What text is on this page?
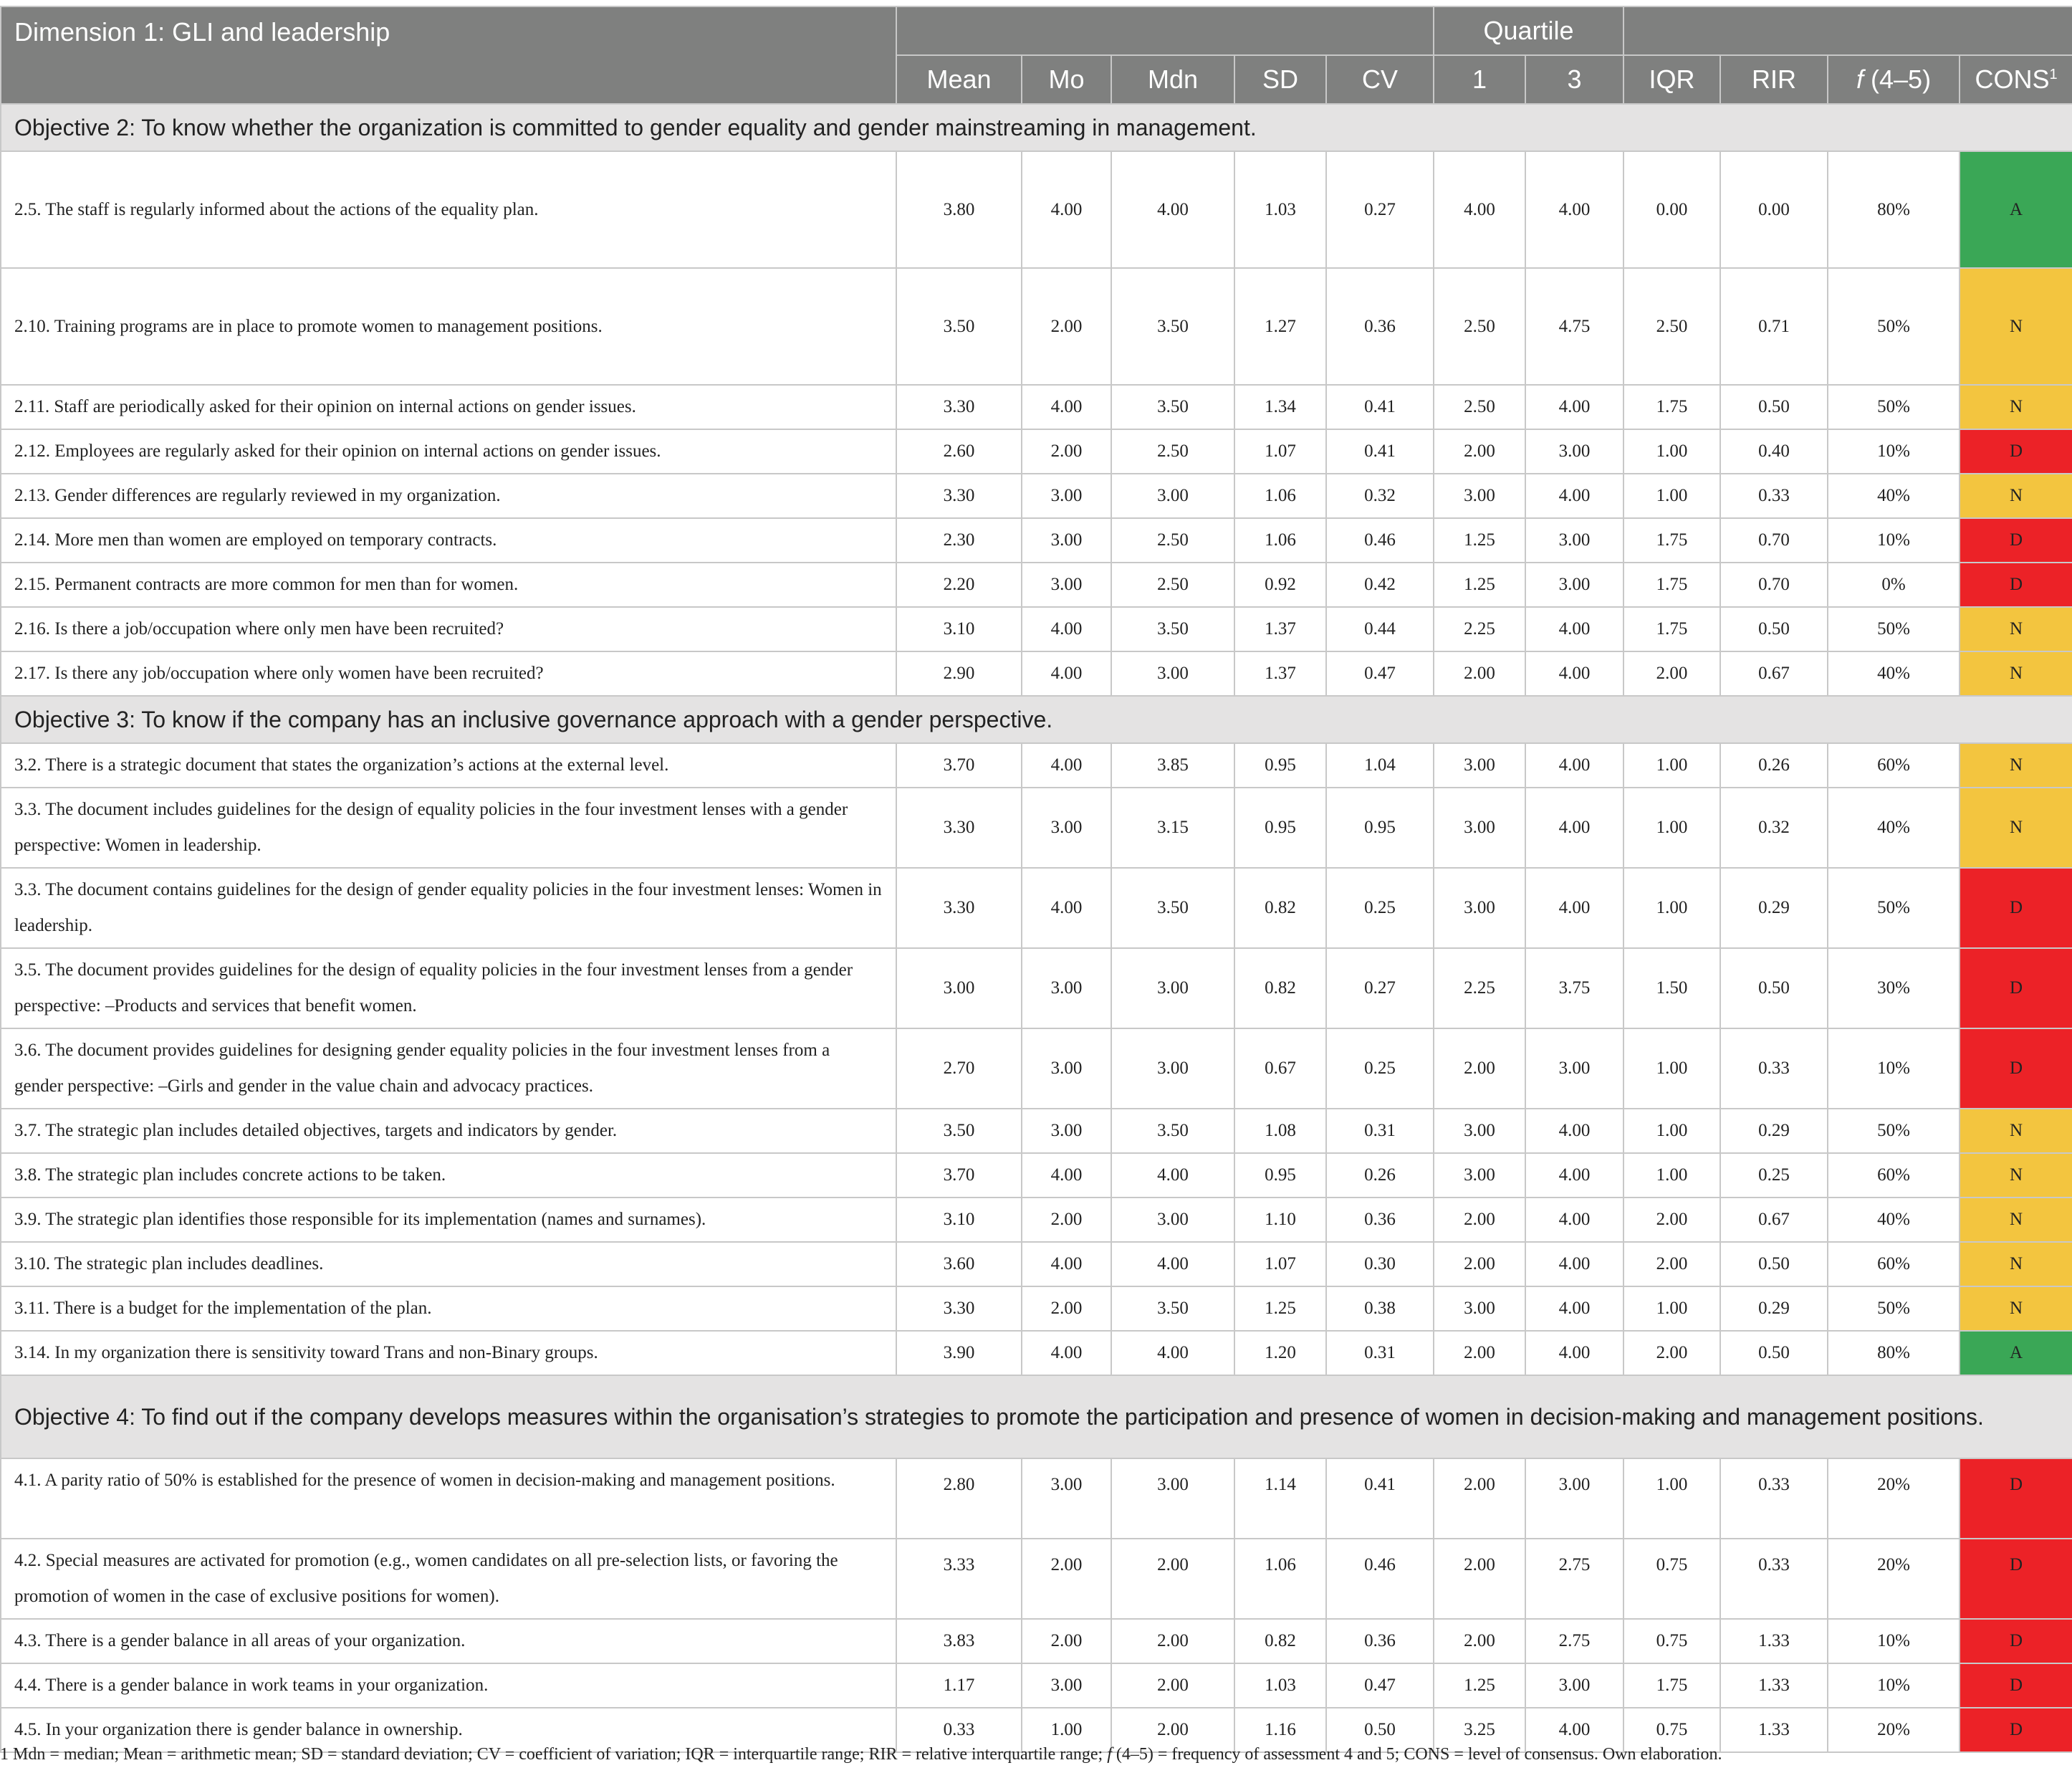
Dimension 1: GLI and leadership						Quartile					
	Mean	Mo	Mdn	SD	CV	1	3	IQR	RIR	f (4–5)	CONS$^1$
Objective 2: To know whether the organization is committed to gender equality and gender mainstreaming in management.											
2.5. The staff is regularly informed about the actions of the equality plan.	3.80	4.00	4.00	1.03	0.27	4.00	4.00	0.00	0.00	80%	A
2.10. Training programs are in place to promote women to management positions.	3.50	2.00	3.50	1.27	0.36	2.50	4.75	2.50	0.71	50%	N
2.11. Staff are periodically asked for their opinion on internal actions on gender issues.	3.30	4.00	3.50	1.34	0.41	2.50	4.00	1.75	0.50	50%	N
2.12. Employees are regularly asked for their opinion on internal actions on gender issues.	2.60	2.00	2.50	1.07	0.41	2.00	3.00	1.00	0.40	10%	D
2.13. Gender differences are regularly reviewed in my organization.	3.30	3.00	3.00	1.06	0.32	3.00	4.00	1.00	0.33	40%	N
2.14. More men than women are employed on temporary contracts.	2.30	3.00	2.50	1.06	0.46	1.25	3.00	1.75	0.70	10%	D
2.15. Permanent contracts are more common for men than for women.	2.20	3.00	2.50	0.92	0.42	1.25	3.00	1.75	0.70	0%	D
2.16. Is there a job/occupation where only men have been recruited?	3.10	4.00	3.50	1.37	0.44	2.25	4.00	1.75	0.50	50%	N
2.17. Is there any job/occupation where only women have been recruited?	2.90	4.00	3.00	1.37	0.47	2.00	4.00	2.00	0.67	40%	N
Objective 3: To know if the company has an inclusive governance approach with a gender perspective.											
3.2. There is a strategic document that states the organization’s actions at the external level.	3.70	4.00	3.85	0.95	1.04	3.00	4.00	1.00	0.26	60%	N
3.3. The document includes guidelines for the design of equality policies in the four investment lenses with a gender perspective: Women in leadership.	3.30	3.00	3.15	0.95	0.95	3.00	4.00	1.00	0.32	40%	N
3.3. The document contains guidelines for the design of gender equality policies in the four investment lenses: Women in leadership.	3.30	4.00	3.50	0.82	0.25	3.00	4.00	1.00	0.29	50%	D
3.5. The document provides guidelines for the design of equality policies in the four investment lenses from a gender perspective: –Products and services that benefit women.	3.00	3.00	3.00	0.82	0.27	2.25	3.75	1.50	0.50	30%	D
3.6. The document provides guidelines for designing gender equality policies in the four investment lenses from a gender perspective: –Girls and gender in the value chain and advocacy practices.	2.70	3.00	3.00	0.67	0.25	2.00	3.00	1.00	0.33	10%	D
3.7. The strategic plan includes detailed objectives, targets and indicators by gender.	3.50	3.00	3.50	1.08	0.31	3.00	4.00	1.00	0.29	50%	N
3.8. The strategic plan includes concrete actions to be taken.	3.70	4.00	4.00	0.95	0.26	3.00	4.00	1.00	0.25	60%	N
3.9. The strategic plan identifies those responsible for its implementation (names and surnames).	3.10	2.00	3.00	1.10	0.36	2.00	4.00	2.00	0.67	40%	N
3.10. The strategic plan includes deadlines.	3.60	4.00	4.00	1.07	0.30	2.00	4.00	2.00	0.50	60%	N
3.11. There is a budget for the implementation of the plan.	3.30	2.00	3.50	1.25	0.38	3.00	4.00	1.00	0.29	50%	N
3.14. In my organization there is sensitivity toward Trans and non-Binary groups.	3.90	4.00	4.00	1.20	0.31	2.00	4.00	2.00	0.50	80%	A
Objective 4: To find out if the company develops measures within the organisation’s strategies to promote the participation and presence of women in decision-making and management positions.											
4.1. A parity ratio of 50% is established for the presence of women in decision-making and management positions.	2.80	3.00	3.00	1.14	0.41	2.00	3.00	1.00	0.33	20%	D
4.2. Special measures are activated for promotion (e.g., women candidates on all pre-selection lists, or favoring the promotion of women in the case of exclusive positions for women).	3.33	2.00	2.00	1.06	0.46	2.00	2.75	0.75	0.33	20%	D
4.3. There is a gender balance in all areas of your organization.	3.83	2.00	2.00	0.82	0.36	2.00	2.75	0.75	1.33	10%	D
4.4. There is a gender balance in work teams in your organization.	1.17	3.00	2.00	1.03	0.47	1.25	3.00	1.75	1.33	10%	D
4.5. In your organization there is gender balance in ownership.	0.33	1.00	2.00	1.16	0.50	3.25	4.00	0.75	1.33	20%	D
1 Mdn = median; Mean = arithmetic mean; SD = standard deviation; CV = coefficient of variation; IQR = interquartile range; RIR = relative interquartile range; f (4–5) = frequency of assessment 4 and 5; CONS = level of consensus. Own elaboration.
